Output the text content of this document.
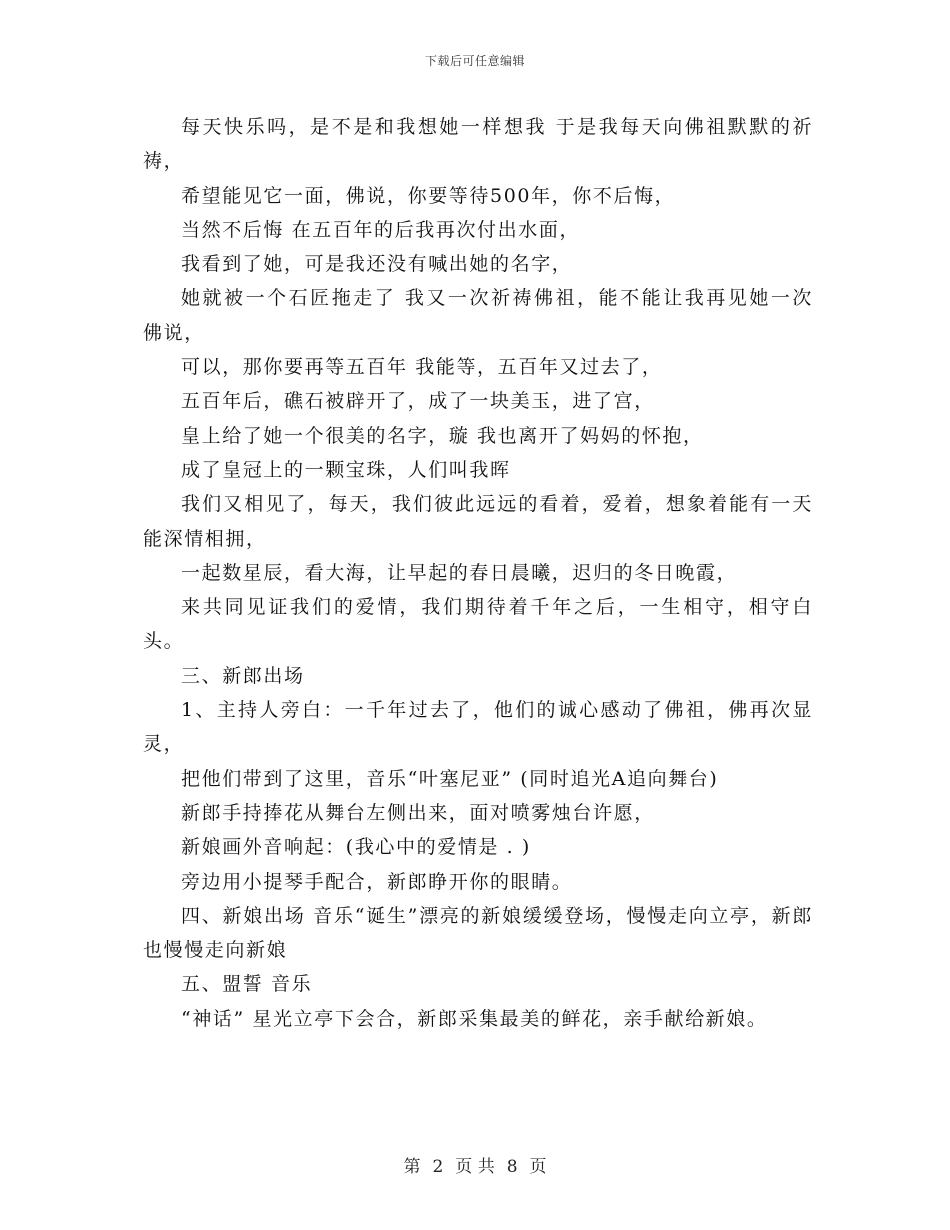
下载后可任意编辑

每天快乐吗，是不是和我想她一样想我 于是我每天向佛祖默默的祈祷，

希望能见它一面，佛说，你要等待500年，你不后悔，

当然不后悔 在五百年的后我再次付出水面，

我看到了她，可是我还没有喊出她的名字，

她就被一个石匠拖走了 我又一次祈祷佛祖，能不能让我再见她一次 佛说，

可以，那你要再等五百年 我能等，五百年又过去了，

五百年后，礁石被辟开了，成了一块美玉，进了宫，

皇上给了她一个很美的名字，璇 我也离开了妈妈的怀抱，

成了皇冠上的一颗宝珠，人们叫我晖

我们又相见了，每天，我们彼此远远的看着，爱着，想象着能有一天能深情相拥，

一起数星辰，看大海，让早起的春日晨曦，迟归的冬日晚霞，

来共同见证我们的爱情，我们期待着千年之后，一生相守，相守白头。

三、新郎出场

1、主持人旁白：一千年过去了，他们的诚心感动了佛祖，佛再次显灵，

把他们带到了这里，音乐“叶塞尼亚” (同时追光A追向舞台)

新郎手持捧花从舞台左侧出来，面对喷雾烛台许愿，

新娘画外音响起：(我心中的爱情是 . )

旁边用小提琴手配合，新郎睁开你的眼睛。

四、新娘出场 音乐“诞生”漂亮的新娘缓缓登场，慢慢走向立亭，新郎也慢慢走向新娘

五、盟誓 音乐

“神话” 星光立亭下会合，新郎采集最美的鲜花，亲手献给新娘。

第 2 页 共 8 页
